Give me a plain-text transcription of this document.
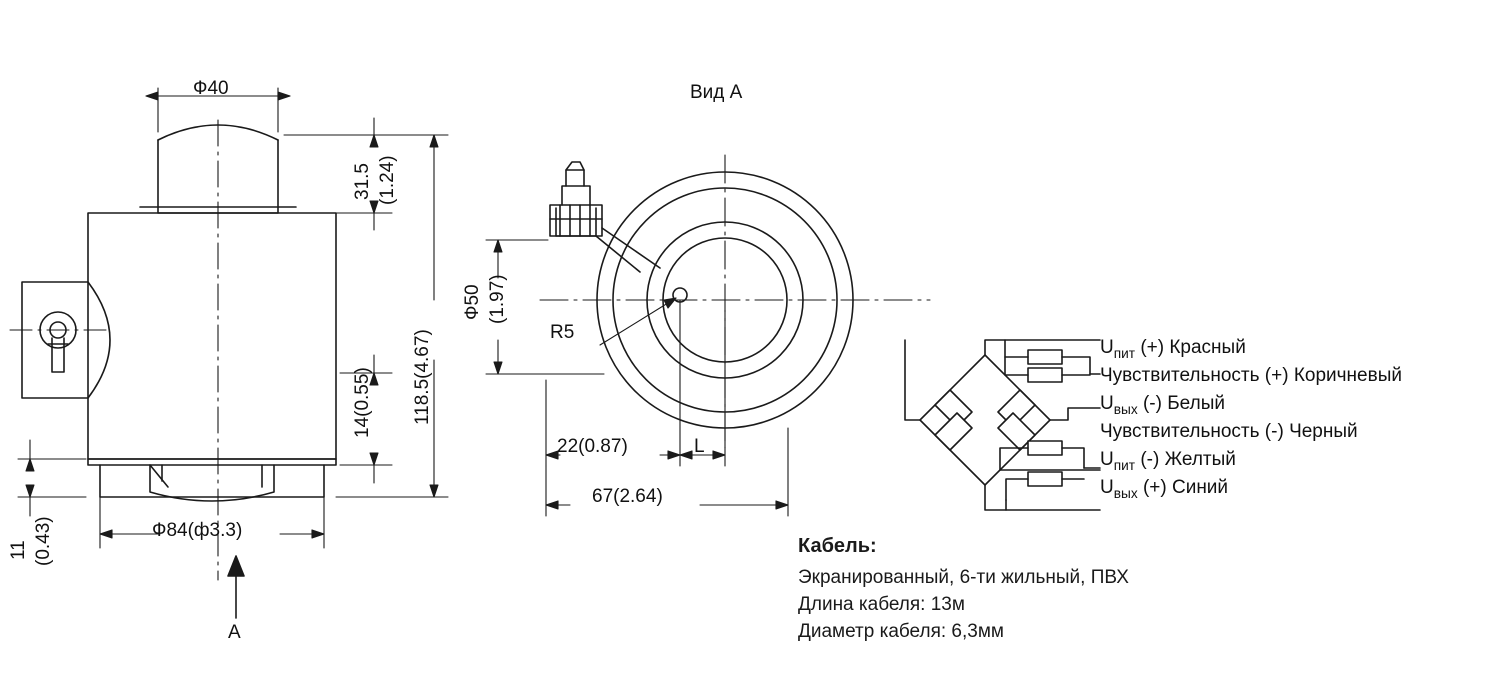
Ф40
31.5 (1.24)
118.5(4.67)
14(0.55)
Ф84(ф3.3)
11 (0.43)
A
Вид А
Ф50 (1.97)
R5
22(0.87)	L
67(2.64)
$U_{пит}$ (+) Красный
Чувствительность (+) Коричневый
$U_{вых}$ (-) Белый
Чувствительность (-) Черный
$U_{пит}$ (-) Желтый
$U_{вых}$ (+) Синий
Кабель:
Экранированный, 6-ти жильный, ПВХ
Длина кабеля: 13м
Диаметр кабеля: 6,3мм
